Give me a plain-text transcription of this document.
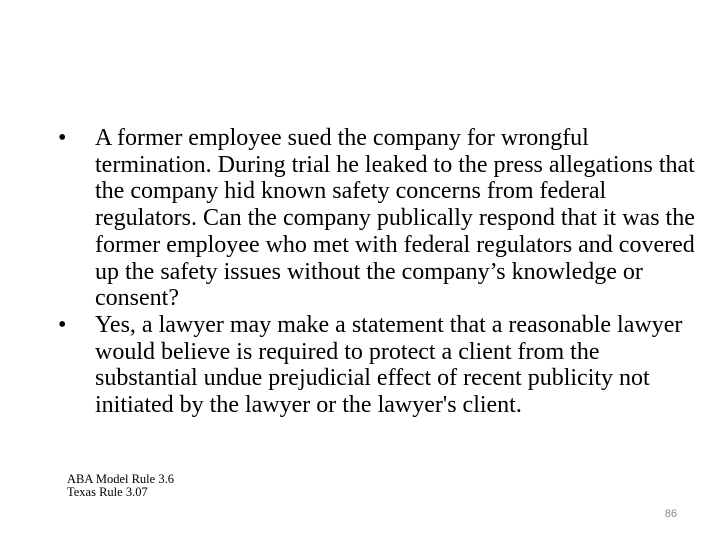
•	A former employee sued the company for wrongful termination. During trial he leaked to the press allegations that the company hid known safety concerns from federal regulators. Can the company publically respond that it was the former employee who met with federal regulators and covered up the safety issues without the company’s knowledge or consent?
•	Yes, a lawyer may make a statement that a reasonable lawyer would believe is required to protect a client from the substantial undue prejudicial effect of recent publicity not initiated by the lawyer or the lawyer's client.
ABA Model Rule 3.6
Texas Rule 3.07
86
